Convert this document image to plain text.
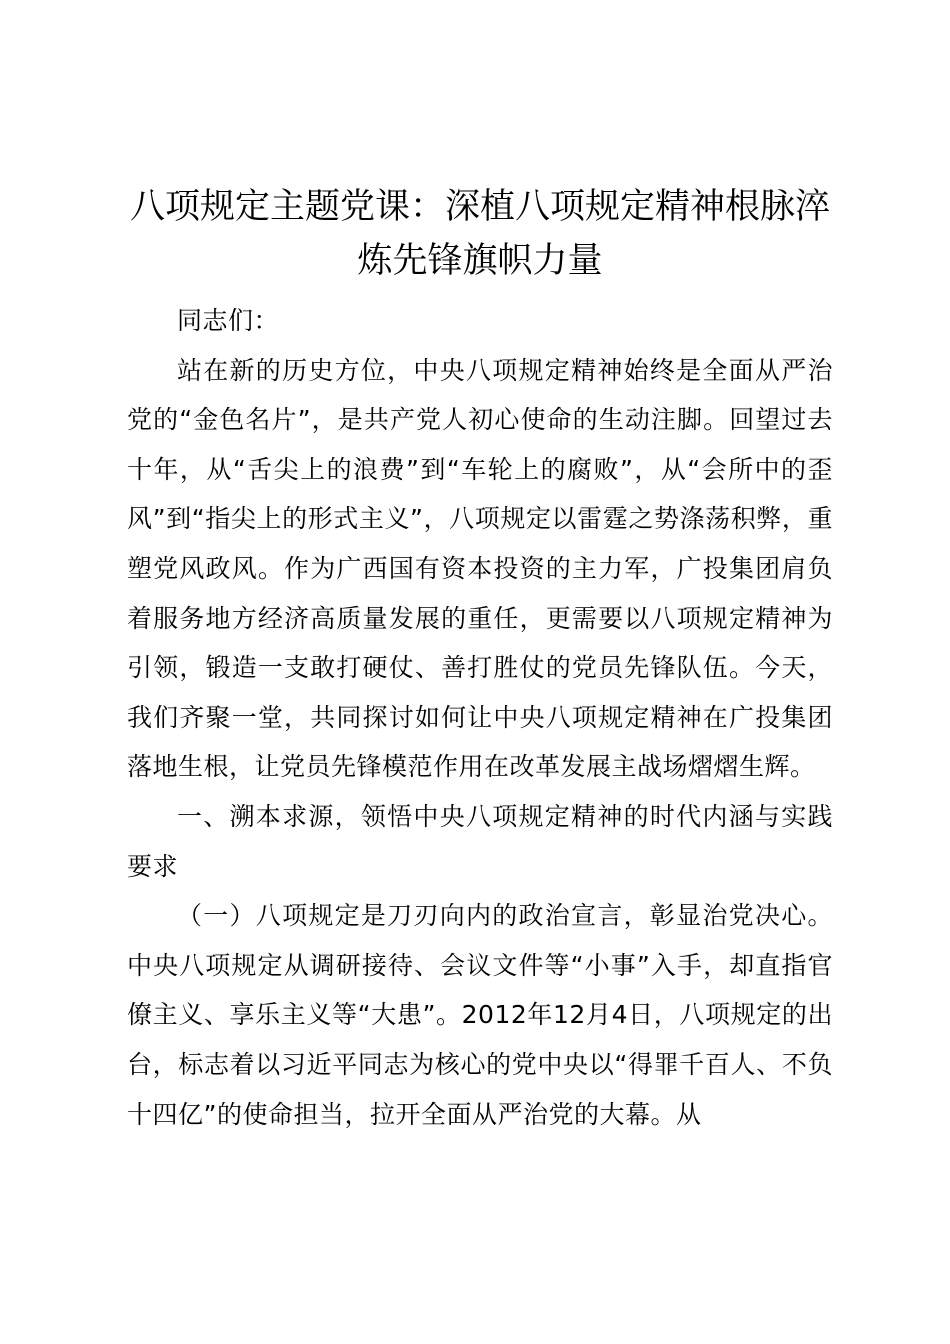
八项规定主题党课：深植八项规定精神根脉淬炼先锋旗帜力量

同志们：

站在新的历史方位，中央八项规定精神始终是全面从严治党的“金色名片”，是共产党人初心使命的生动注脚。回望过去十年，从“舌尖上的浪费”到“车轮上的腐败”，从“会所中的歪风”到“指尖上的形式主义”，八项规定以雷霆之势涤荡积弊，重塑党风政风。作为广西国有资本投资的主力军，广投集团肩负着服务地方经济高质量发展的重任，更需要以八项规定精神为引领，锻造一支敢打硬仗、善打胜仗的党员先锋队伍。今天，我们齐聚一堂，共同探讨如何让中央八项规定精神在广投集团落地生根，让党员先锋模范作用在改革发展主战场熠熠生辉。

一、溯本求源，领悟中央八项规定精神的时代内涵与实践要求

（一）八项规定是刀刃向内的政治宣言，彰显治党决心。中央八项规定从调研接待、会议文件等“小事”入手，却直指官僚主义、享乐主义等“大患”。2012年12月4日，八项规定的出台，标志着以习近平同志为核心的党中央以“得罪千百人、不负十四亿”的使命担当，拉开全面从严治党的大幕。从
